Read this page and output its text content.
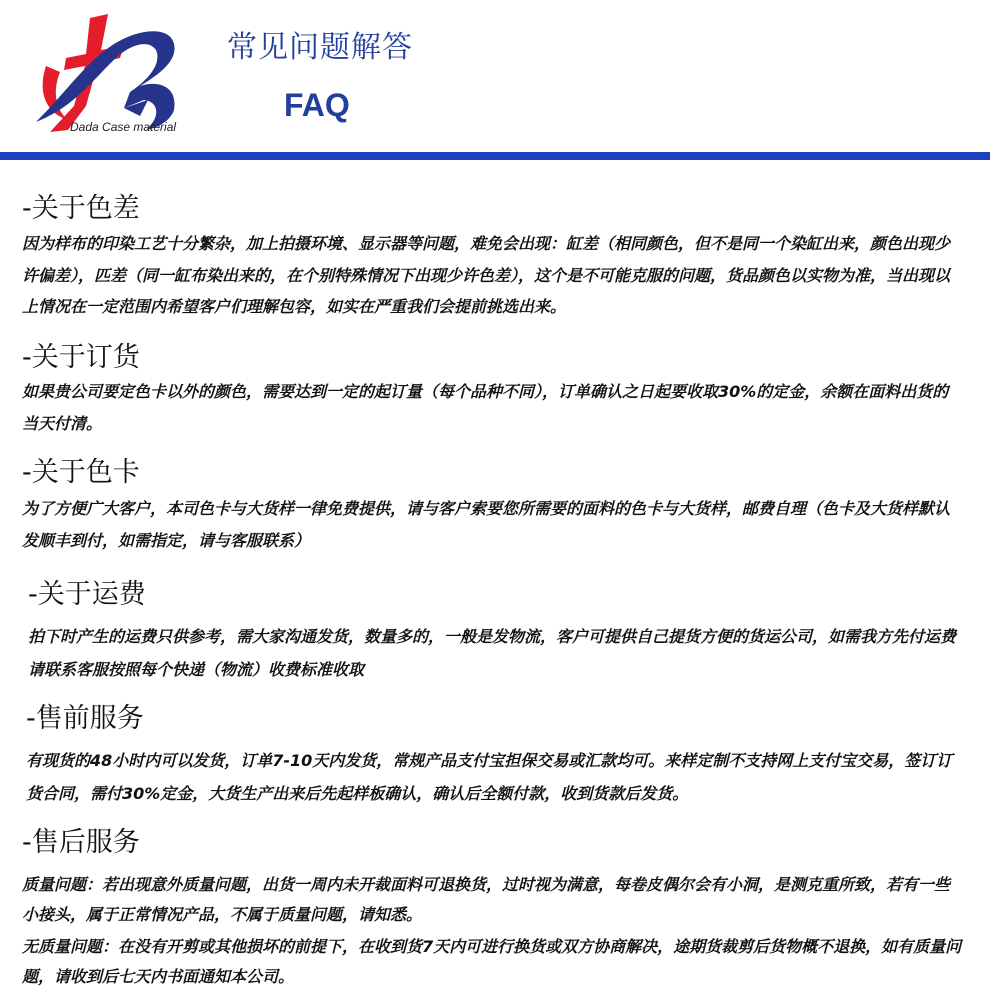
Dada Case material
常见问题解答
FAQ
-关于色差
因为样布的印染工艺十分繁杂，加上拍摄环境、显示器等问题，难免会出现：缸差（相同颜色，但不是同一个染缸出来，颜色出现少许偏差），匹差（同一缸布染出来的，在个别特殊情况下出现少许色差），这个是不可能克服的问题，货品颜色以实物为准，当出现以上情况在一定范围内希望客户们理解包容，如实在严重我们会提前挑选出来。
-关于订货
如果贵公司要定色卡以外的颜色，需要达到一定的起订量（每个品种不同），订单确认之日起要收取30%的定金，余额在面料出货的当天付清。
-关于色卡
为了方便广大客户，本司色卡与大货样一律免费提供，请与客户索要您所需要的面料的色卡与大货样，邮费自理（色卡及大货样默认发顺丰到付，如需指定，请与客服联系）
-关于运费
拍下时产生的运费只供参考，需大家沟通发货，数量多的，一般是发物流，客户可提供自己提货方便的货运公司，如需我方先付运费请联系客服按照每个快递（物流）收费标准收取
-售前服务
有现货的48小时内可以发货，订单7-10天内发货，常规产品支付宝担保交易或汇款均可。来样定制不支持网上支付宝交易，签订订货合同，需付30%定金，大货生产出来后先起样板确认，确认后全额付款，收到货款后发货。
-售后服务
质量问题：若出现意外质量问题，出货一周内未开裁面料可退换货，过时视为满意，每卷皮偶尔会有小洞，是测克重所致，若有一些小接头，属于正常情况产品，不属于质量问题，请知悉。
无质量问题：在没有开剪或其他损坏的前提下，在收到货7天内可进行换货或双方协商解决，途期货裁剪后货物概不退换，如有质量问题，请收到后七天内书面通知本公司。
